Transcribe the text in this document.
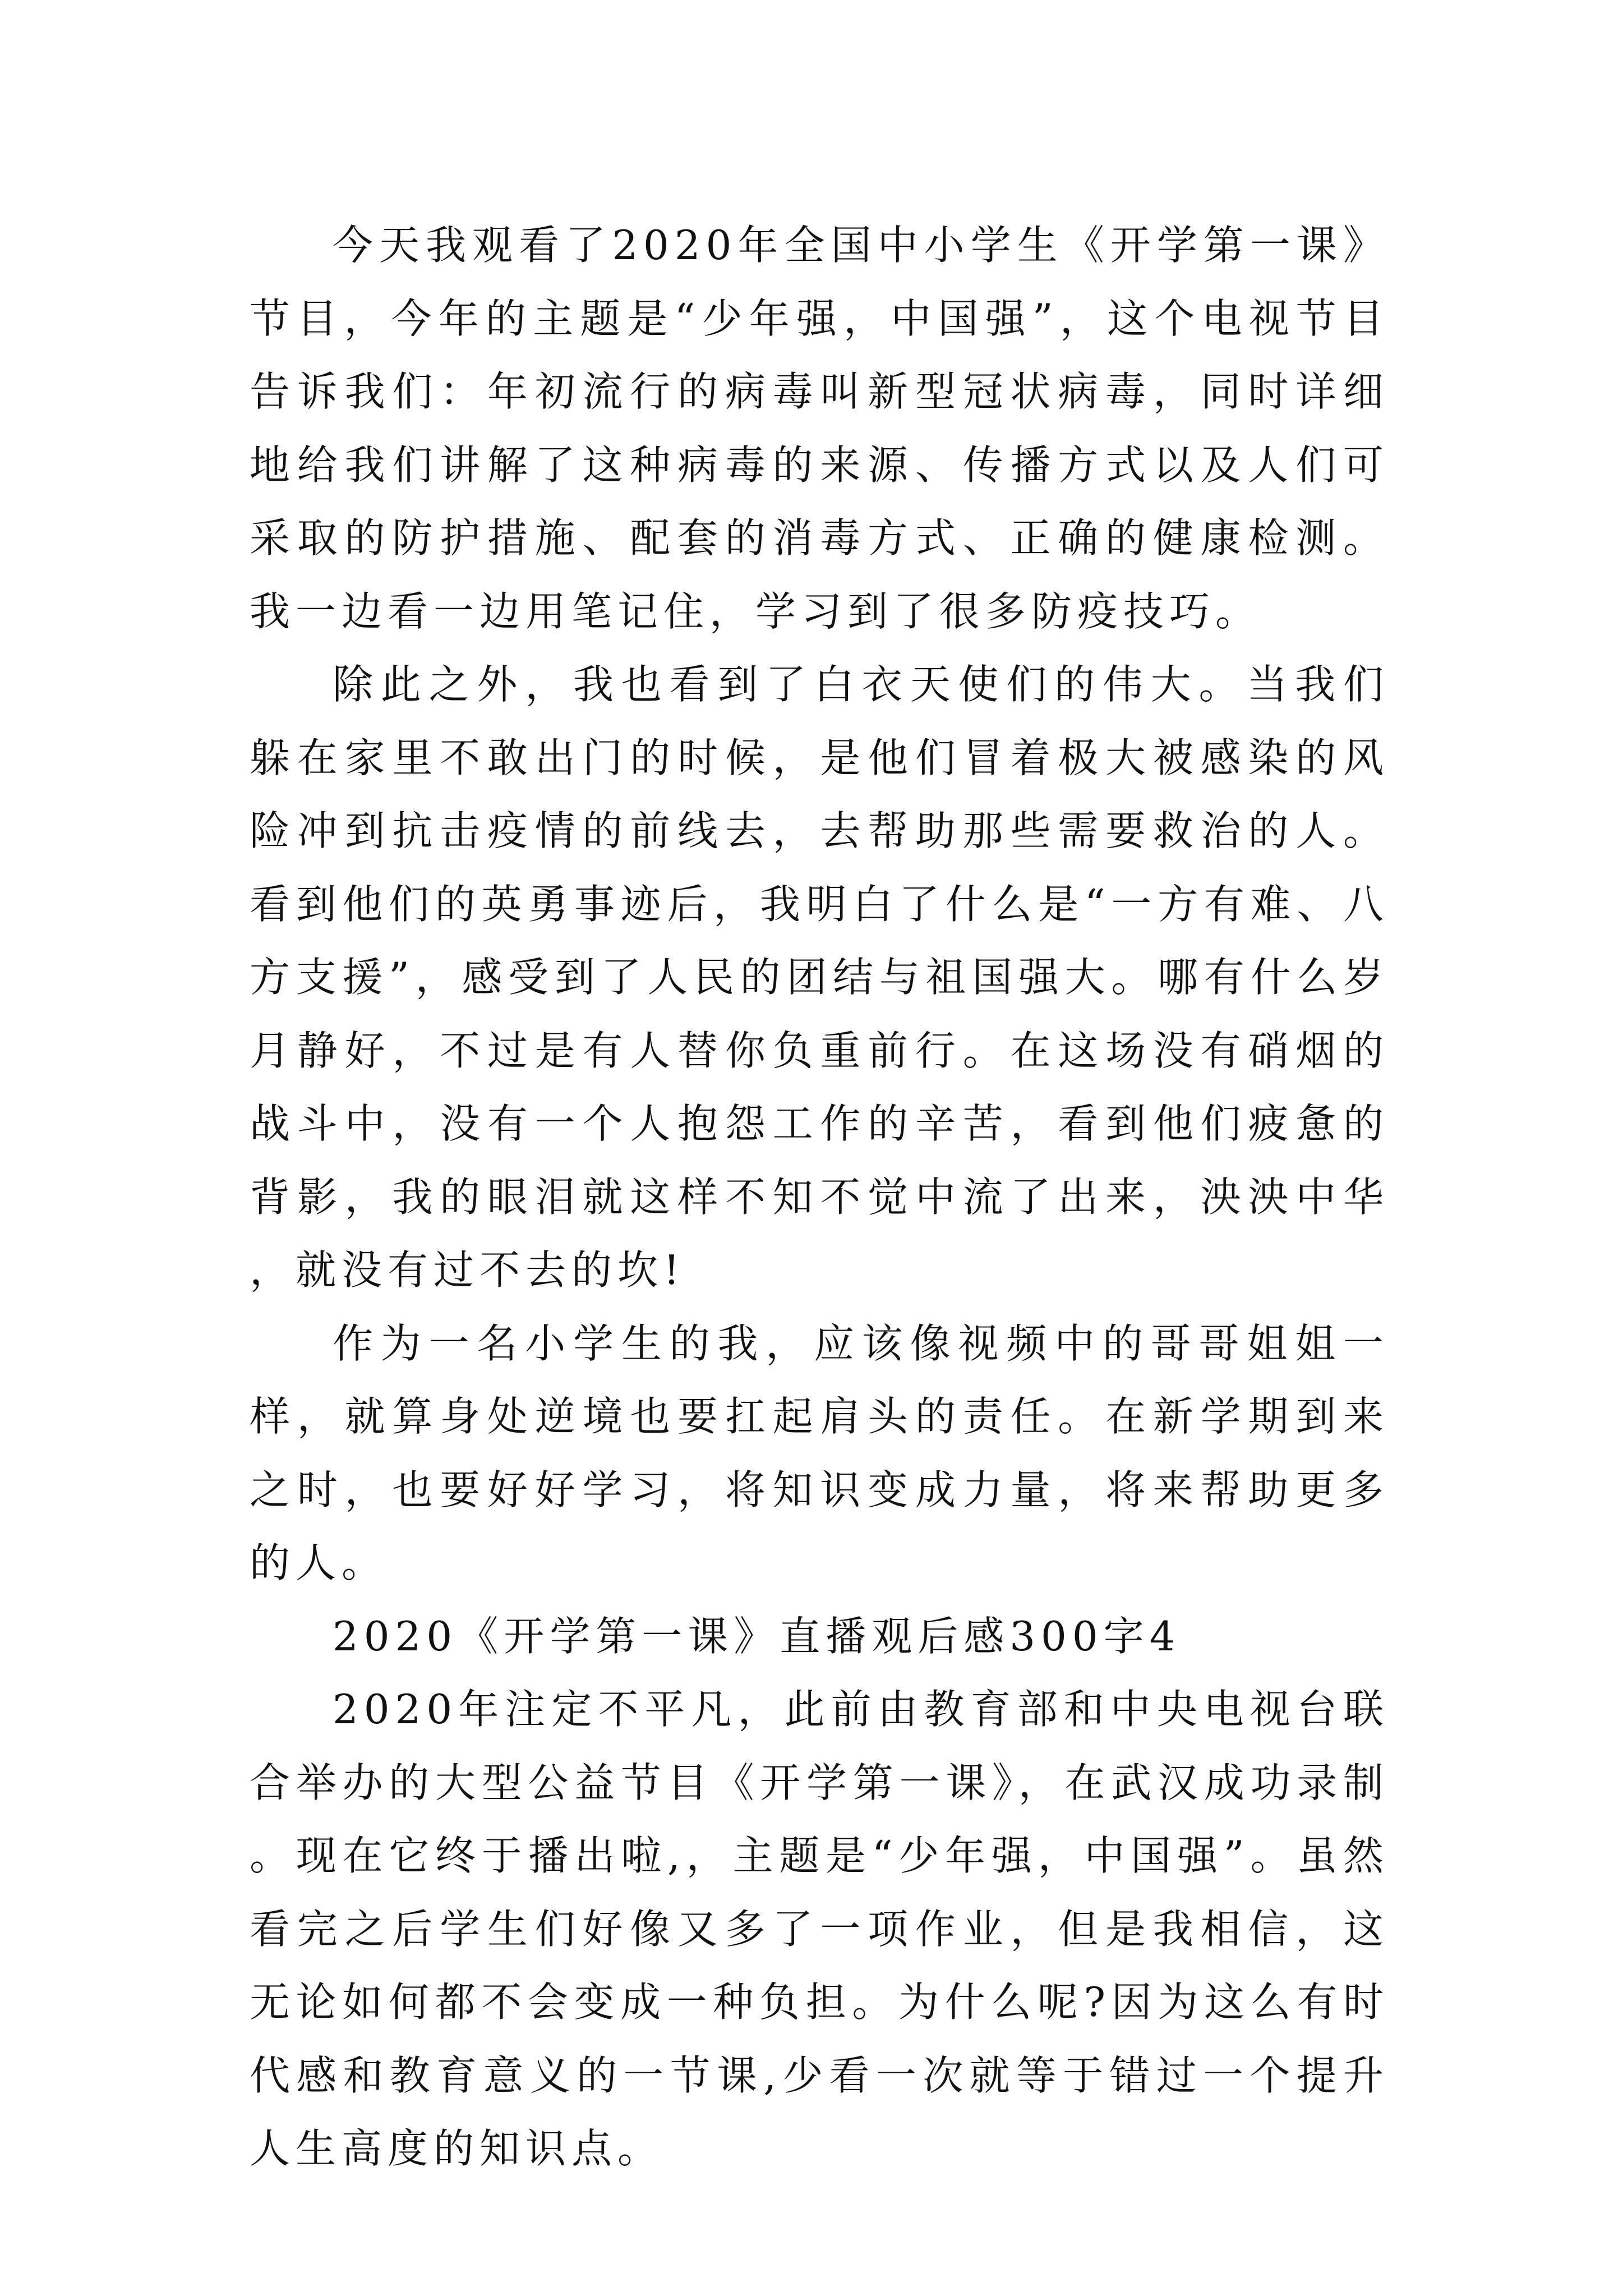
今天我观看了2020年全国中小学生《开学第一课》节目，今年的主题是“少年强，中国强”，这个电视节目告诉我们：年初流行的病毒叫新型冠状病毒，同时详细地给我们讲解了这种病毒的来源、传播方式以及人们可采取的防护措施、配套的消毒方式、正确的健康检测。我一边看一边用笔记住，学习到了很多防疫技巧。

除此之外，我也看到了白衣天使们的伟大。当我们躲在家里不敢出门的时候，是他们冒着极大被感染的风险冲到抗击疫情的前线去，去帮助那些需要救治的人。看到他们的英勇事迹后，我明白了什么是“一方有难、八方支援”，感受到了人民的团结与祖国强大。哪有什么岁月静好，不过是有人替你负重前行。在这场没有硝烟的战斗中，没有一个人抱怨工作的辛苦，看到他们疲惫的背影，我的眼泪就这样不知不觉中流了出来，泱泱中华，就没有过不去的坎!

作为一名小学生的我，应该像视频中的哥哥姐姐一样，就算身处逆境也要扛起肩头的责任。在新学期到来之时，也要好好学习，将知识变成力量，将来帮助更多的人。

2020《开学第一课》直播观后感300字4

2020年注定不平凡，此前由教育部和中央电视台联合举办的大型公益节目《开学第一课》，在武汉成功录制。现在它终于播出啦,，主题是“少年强，中国强”。虽然看完之后学生们好像又多了一项作业，但是我相信，这无论如何都不会变成一种负担。为什么呢?因为这么有时代感和教育意义的一节课,少看一次就等于错过一个提升人生高度的知识点。
